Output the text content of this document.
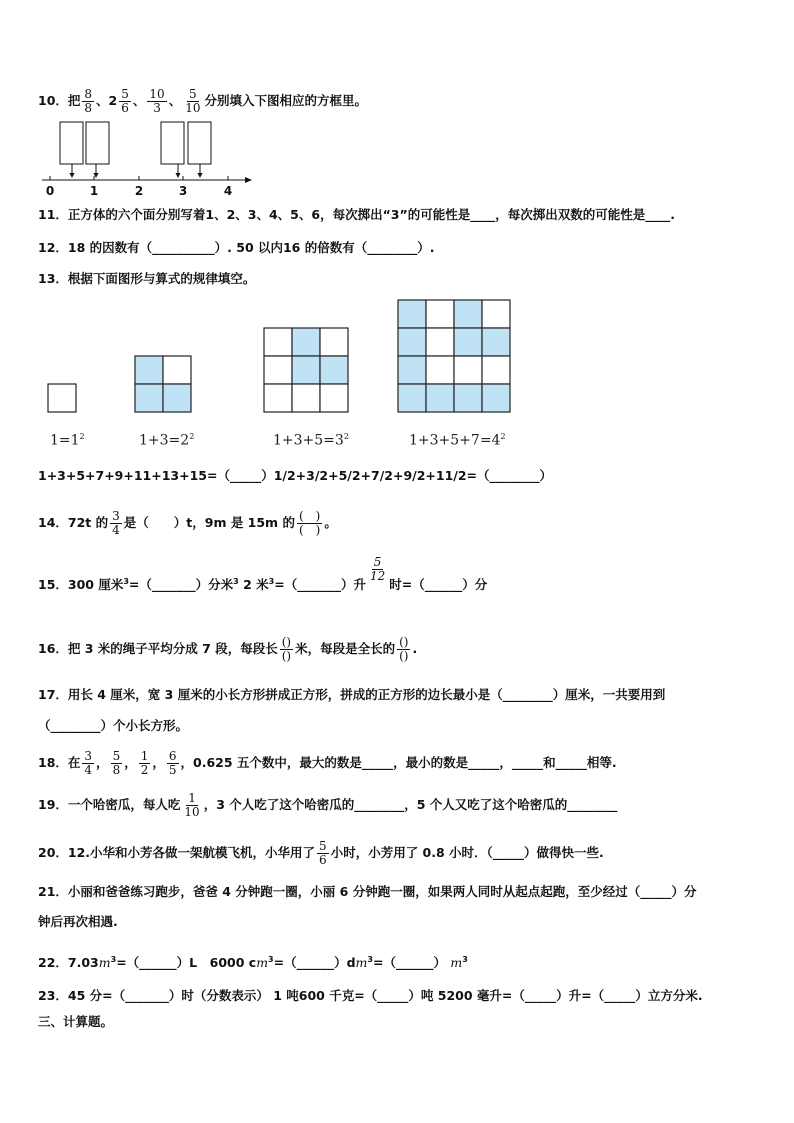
10．把 $\frac{8}{8}$ 、$2 \frac{5}{6}$ 、 $\frac{10}{3}$ 、 $\frac{5}{10}$ 分别填入下图相应的方框里。
0	1	2	3	4
11．正方体的六个面分别写着1、2、3、4、5、6，每次掷出“3”的可能性是____，每次掷出双数的可能性是____.
12．18 的因数有（__________）. 50 以内16 的倍数有（________）.
13．根据下面图形与算式的规律填空。
$1=1^2$	$1+3=2^2$	$1+3+5=3^2$	$1+3+5+7=4^2$
1+3+5+7+9+11+13+15=（_____）1/2+3/2+5/2+7/2+9/2+11/2=（________）
14．72t 的 $\frac{3}{4}$ 是（　　）t，9m 是 15m 的 $\frac{( )}{( )}$ 。
15．300 厘米$^3$=（_______）分米$^3$ 2 米$^3$=（_______）升
$\frac{5}{12}$
时=（______）分
16．把 3 米的绳子平均分成 7 段，每段长 $\frac{()}{()}$ 米，每段是全长的 $\frac{()}{()}$ .
17．用长 4 厘米，宽 3 厘米的小长方形拼成正方形，拼成的正方形的边长最小是（________）厘米，一共要用到
（________）个小长方形。
18．在 $\frac{3}{4}$ ， $\frac{5}{8}$ ， $\frac{1}{2}$ ， $\frac{6}{5}$ ，0.625 五个数中，最大的数是_____，最小的数是_____，_____和_____相等.
19．一个哈密瓜，每人吃 $\frac{1}{10}$ ，3 个人吃了这个哈密瓜的________，5 个人又吃了这个哈密瓜的________
20．12.小华和小芳各做一架航模飞机，小华用了 $\frac{5}{6}$ 小时，小芳用了 0.8 小时．（_____）做得快一些.
21．小丽和爸爸练习跑步，爸爸 4 分钟跑一圈，小丽 6 分钟跑一圈，如果两人同时从起点起跑，至少经过（_____）分
钟后再次相遇.
22．$7.03m^3=(\_\_\_\_\_\_)L$　6000 $cm^3=(\_\_\_\_\_\_)dm^3=(\_\_\_\_\_\_)$ $m^3$
23．45 分=（_______）时（分数表示） 1 吨600 千克=（_____）吨 5200 毫升=（_____）升=（_____）立方分米.
三、计算题。
